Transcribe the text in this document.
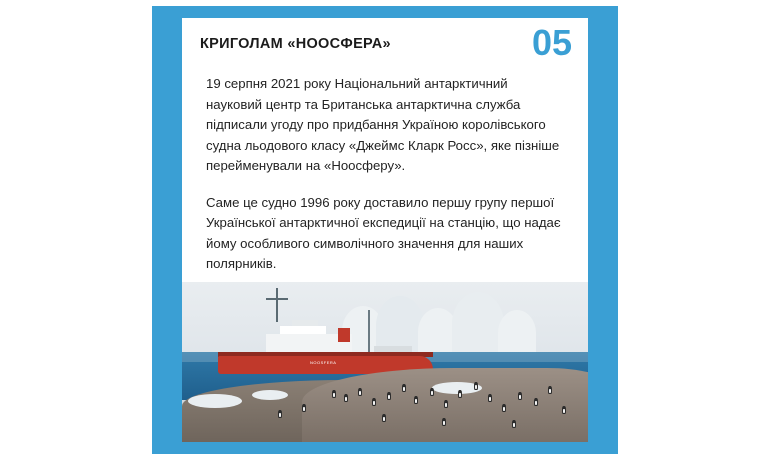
КРИГОЛАМ «НООСФЕРА»	05

19 серпня 2021 року Національний антарктичний науковий центр та Британська антарктична служба підписали угоду про придбання Україною королівського судна льодового класу «Джеймс Кларк Росс», яке пізніше перейменували на «Ноосферу».

Саме це судно 1996 року доставило першу групу першої Української антарктичної експедиції на станцію, що надає йому особливого символічного значення для наших полярників.

NOOSFERA
